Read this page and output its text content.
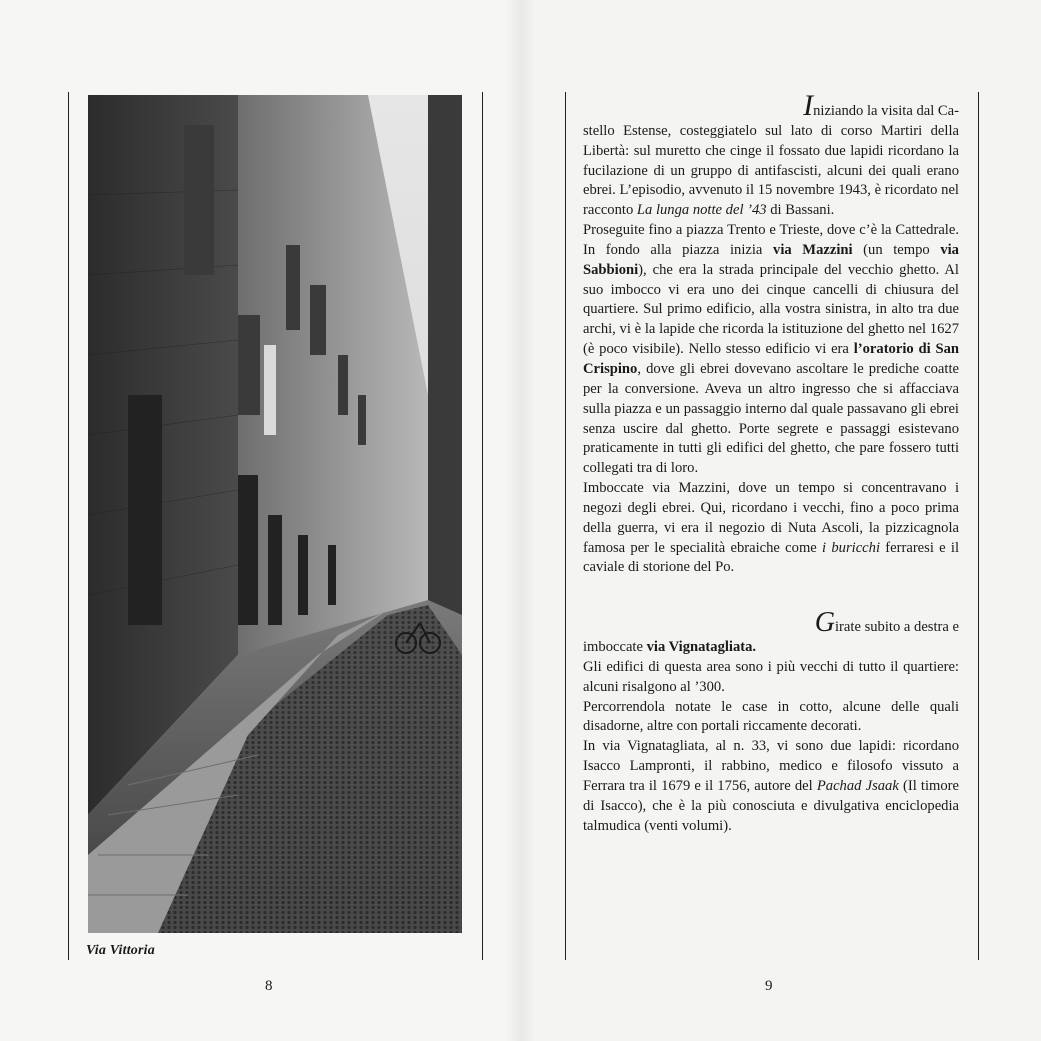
Via Vittoria
8

Iniziando la visita dal Ca-

stello Estense, costeggiatelo sul lato di corso Martiri della Libertà: sul muretto che cinge il fossato due lapidi ricordano la fucilazione di un gruppo di antifascisti, alcuni dei quali erano ebrei. L’episodio, avvenuto il 15 novembre 1943, è ricordato nel racconto La lunga notte del ’43 di Bassani.

Proseguite fino a piazza Trento e Trieste, dove c’è la Cattedrale. In fondo alla piazza inizia via Mazzini (un tempo via Sabbioni), che era la strada principale del vecchio ghetto. Al suo imbocco vi era uno dei cinque cancelli di chiusura del quartiere. Sul primo edificio, alla vostra sinistra, in alto tra due archi, vi è la lapide che ricorda la istituzione del ghetto nel 1627 (è poco visibile). Nello stesso edificio vi era l’oratorio di San Crispino, dove gli ebrei dovevano ascoltare le prediche coatte per la conversione. Aveva un altro ingresso che si affacciava sulla piazza e un passaggio interno dal quale passavano gli ebrei senza uscire dal ghetto. Porte segrete e passaggi esistevano praticamente in tutti gli edifici del ghetto, che pare fossero tutti collegati tra di loro.

Imboccate via Mazzini, dove un tempo si concentravano i negozi degli ebrei. Qui, ricordano i vecchi, fino a poco prima della guerra, vi era il negozio di Nuta Ascoli, la pizzicagnola famosa per le specialità ebraiche come i buricchi ferraresi e il caviale di storione del Po.

Girate subito a destra e

imboccate via Vignatagliata.

Gli edifici di questa area sono i più vecchi di tutto il quartiere: alcuni risalgono al ’300.

Percorrendola notate le case in cotto, alcune delle quali disadorne, altre con portali riccamente decorati.

In via Vignatagliata, al n. 33, vi sono due lapidi: ricordano Isacco Lampronti, il rabbino, medico e filosofo vissuto a Ferrara tra il 1679 e il 1756, autore del Pachad Jsaak (Il timore di Isacco), che è la più conosciuta e divulgativa enciclopedia talmudica (venti volumi).

9
